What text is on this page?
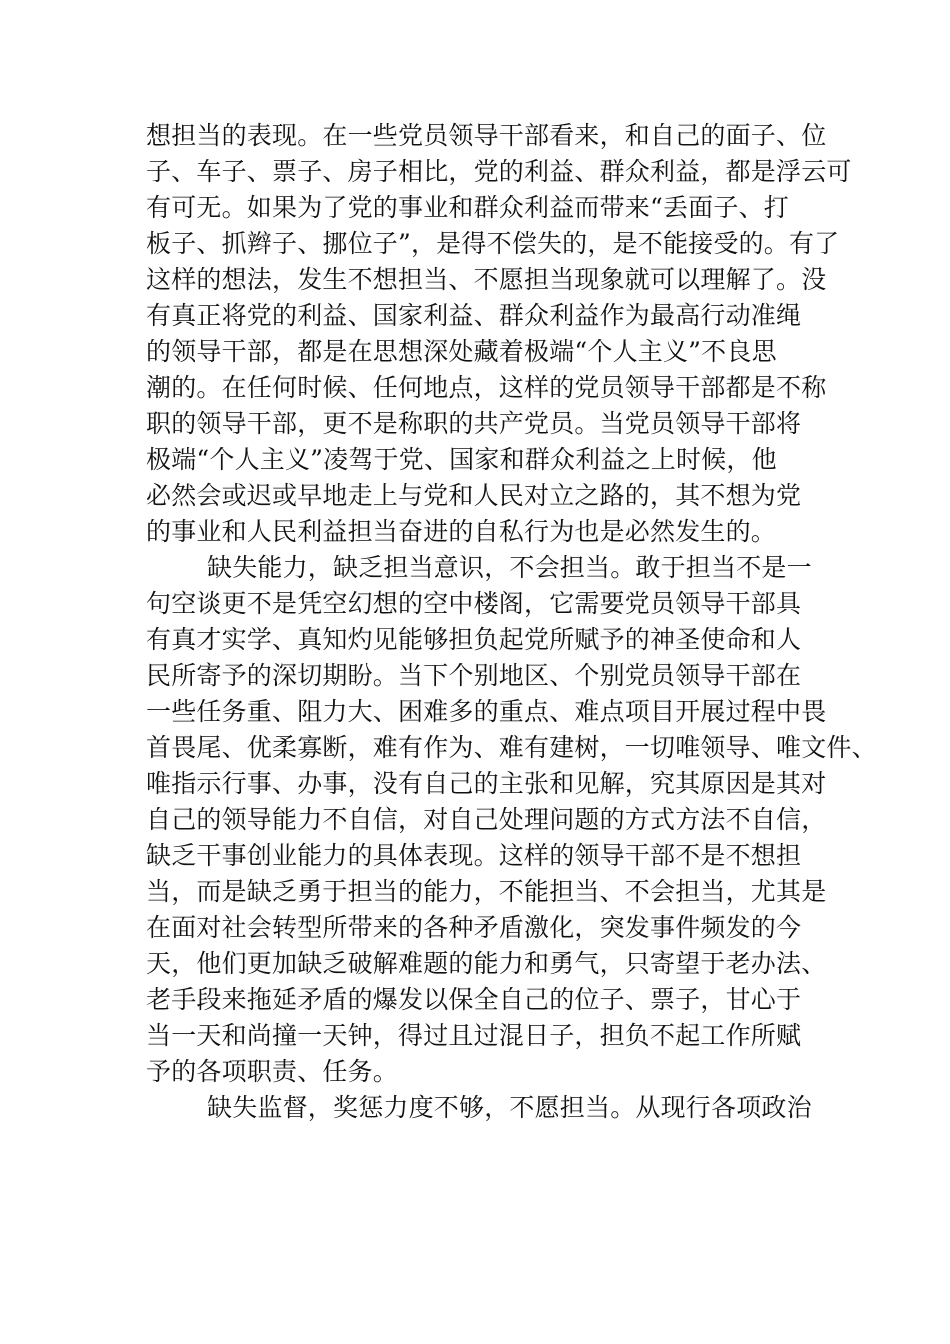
想担当的表现。在一些党员领导干部看来，和自己的面子、位
子、车子、票子、房子相比，党的利益、群众利益，都是浮云可
有可无。如果为了党的事业和群众利益而带来“丢面子、打
板子、抓辫子、挪位子”，是得不偿失的，是不能接受的。有了
这样的想法，发生不想担当、不愿担当现象就可以理解了。没
有真正将党的利益、国家利益、群众利益作为最高行动准绳
的领导干部，都是在思想深处藏着极端“个人主义”不良思
潮的。在任何时候、任何地点，这样的党员领导干部都是不称
职的领导干部，更不是称职的共产党员。当党员领导干部将
极端“个人主义”凌驾于党、国家和群众利益之上时候，他
必然会或迟或早地走上与党和人民对立之路的，其不想为党
的事业和人民利益担当奋进的自私行为也是必然发生的。
缺失能力，缺乏担当意识，不会担当。敢于担当不是一
句空谈更不是凭空幻想的空中楼阁，它需要党员领导干部具
有真才实学、真知灼见能够担负起党所赋予的神圣使命和人
民所寄予的深切期盼。当下个别地区、个别党员领导干部在
一些任务重、阻力大、困难多的重点、难点项目开展过程中畏
首畏尾、优柔寡断，难有作为、难有建树，一切唯领导、唯文件、
唯指示行事、办事，没有自己的主张和见解，究其原因是其对
自己的领导能力不自信，对自己处理问题的方式方法不自信，
缺乏干事创业能力的具体表现。这样的领导干部不是不想担
当，而是缺乏勇于担当的能力，不能担当、不会担当，尤其是
在面对社会转型所带来的各种矛盾激化，突发事件频发的今
天，他们更加缺乏破解难题的能力和勇气，只寄望于老办法、
老手段来拖延矛盾的爆发以保全自己的位子、票子，甘心于
当一天和尚撞一天钟，得过且过混日子，担负不起工作所赋
予的各项职责、任务。
缺失监督，奖惩力度不够，不愿担当。从现行各项政治
